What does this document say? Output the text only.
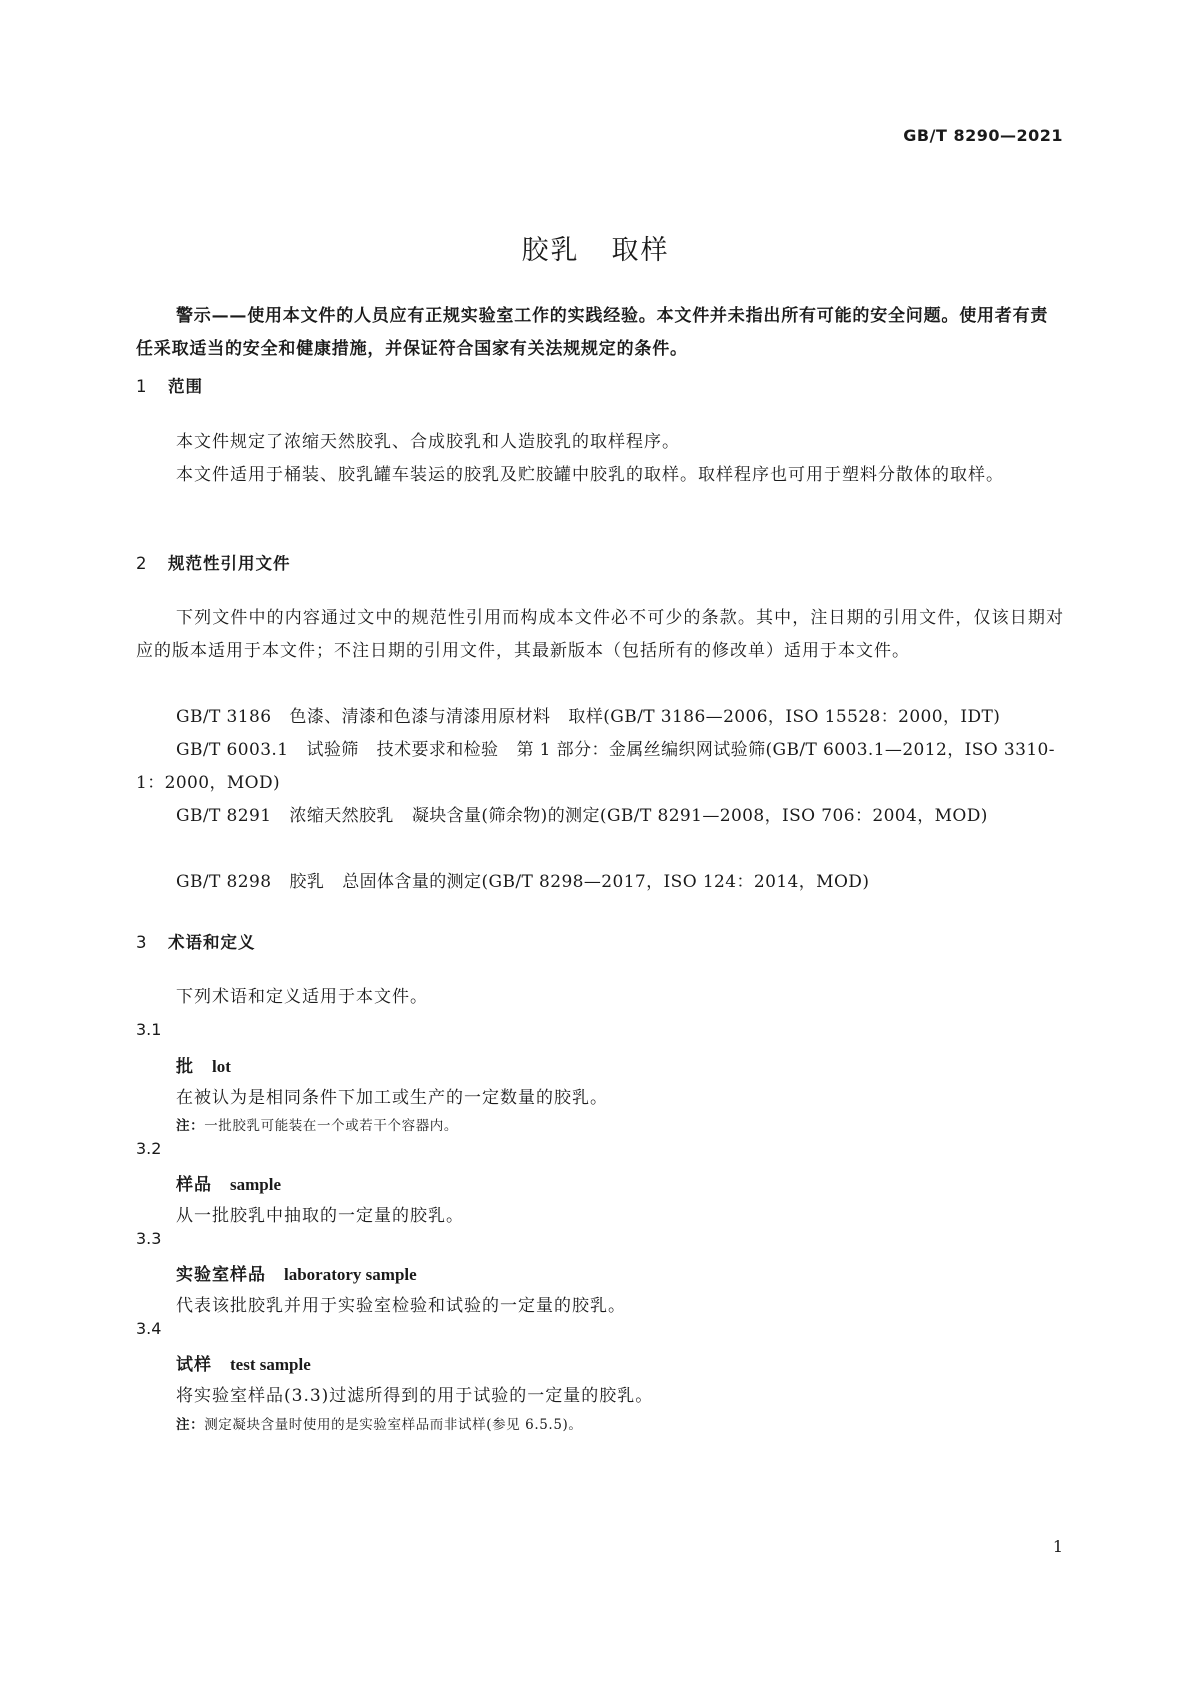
GB/T 8290—2021
胶乳 取样
警示——使用本文件的人员应有正规实验室工作的实践经验。本文件并未指出所有可能的安全问题。使用者有责任采取适当的安全和健康措施，并保证符合国家有关法规规定的条件。
1 范围
本文件规定了浓缩天然胶乳、合成胶乳和人造胶乳的取样程序。
本文件适用于桶装、胶乳罐车装运的胶乳及贮胶罐中胶乳的取样。取样程序也可用于塑料分散体的取样。
2 规范性引用文件
下列文件中的内容通过文中的规范性引用而构成本文件必不可少的条款。其中，注日期的引用文件，仅该日期对应的版本适用于本文件；不注日期的引用文件，其最新版本（包括所有的修改单）适用于本文件。
GB/T 3186 色漆、清漆和色漆与清漆用原材料 取样(GB/T 3186—2006，ISO 15528：2000，IDT)
GB/T 6003.1 试验筛 技术要求和检验 第 1 部分：金属丝编织网试验筛(GB/T 6003.1—2012，ISO 3310-1：2000，MOD)
GB/T 8291 浓缩天然胶乳 凝块含量(筛余物)的测定(GB/T 8291—2008，ISO 706：2004，MOD)
GB/T 8298 胶乳 总固体含量的测定(GB/T 8298—2017，ISO 124：2014，MOD)
3 术语和定义
下列术语和定义适用于本文件。
3.1
批 lot
在被认为是相同条件下加工或生产的一定数量的胶乳。
注：一批胶乳可能装在一个或若干个容器内。
3.2
样品 sample
从一批胶乳中抽取的一定量的胶乳。
3.3
实验室样品 laboratory sample
代表该批胶乳并用于实验室检验和试验的一定量的胶乳。
3.4
试样 test sample
将实验室样品(3.3)过滤所得到的用于试验的一定量的胶乳。
注：测定凝块含量时使用的是实验室样品而非试样(参见 6.5.5)。
1
